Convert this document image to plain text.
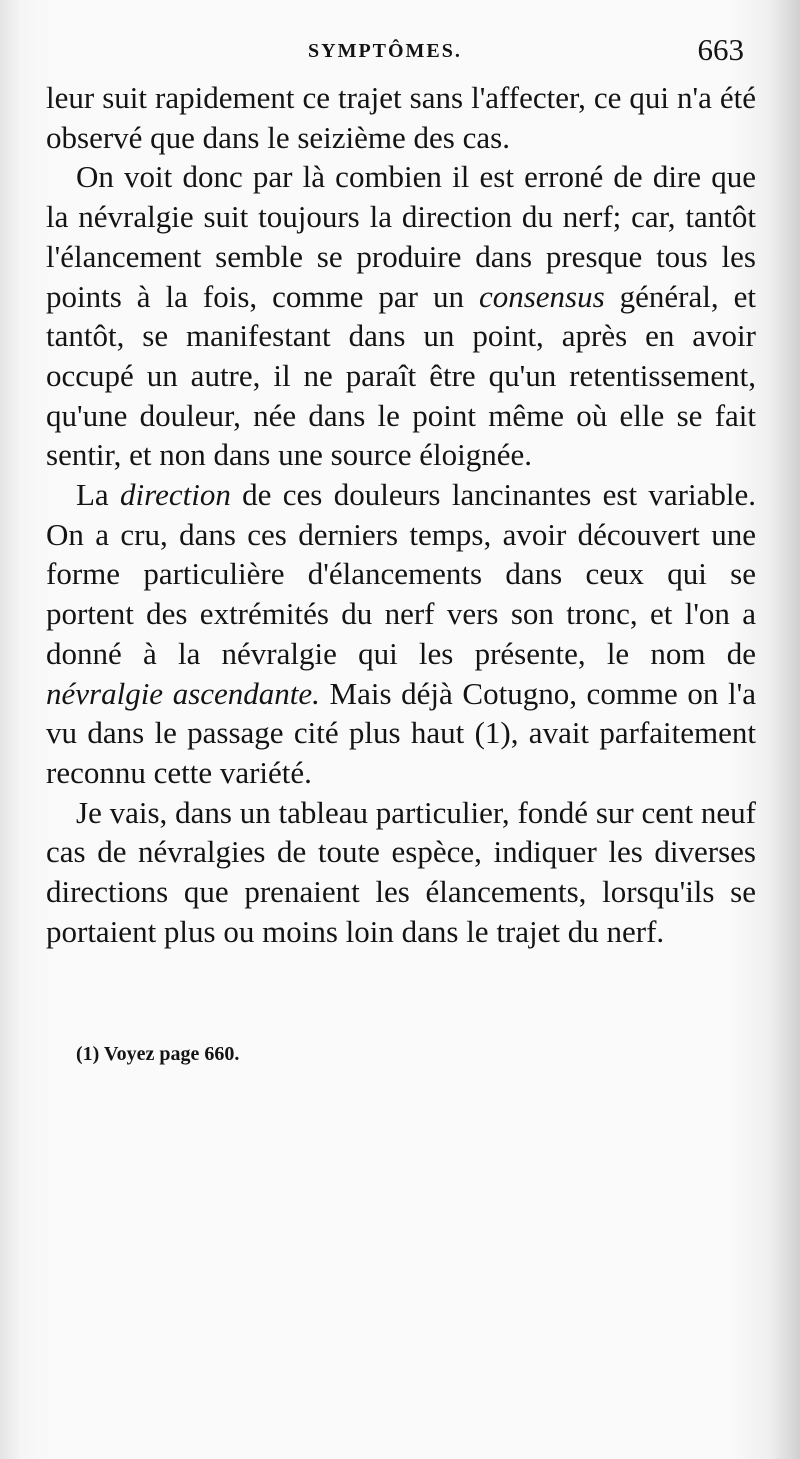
SYMPTÔMES.	663

leur suit rapidement ce trajet sans l'affecter, ce qui n'a été observé que dans le seizième des cas.

On voit donc par là combien il est erroné de dire que la névralgie suit toujours la direction du nerf; car, tantôt l'élancement semble se produire dans presque tous les points à la fois, comme par un consensus général, et tantôt, se manifestant dans un point, après en avoir occupé un autre, il ne paraît être qu'un retentissement, qu'une douleur, née dans le point même où elle se fait sentir, et non dans une source éloignée.

La direction de ces douleurs lancinantes est variable. On a cru, dans ces derniers temps, avoir découvert une forme particulière d'élancements dans ceux qui se portent des extrémités du nerf vers son tronc, et l'on a donné à la névralgie qui les présente, le nom de névralgie ascendante. Mais déjà Cotugno, comme on l'a vu dans le passage cité plus haut (1), avait parfaitement reconnu cette variété.

Je vais, dans un tableau particulier, fondé sur cent neuf cas de névralgies de toute espèce, indiquer les diverses directions que prenaient les élancements, lorsqu'ils se portaient plus ou moins loin dans le trajet du nerf.

(1) Voyez page 660.
